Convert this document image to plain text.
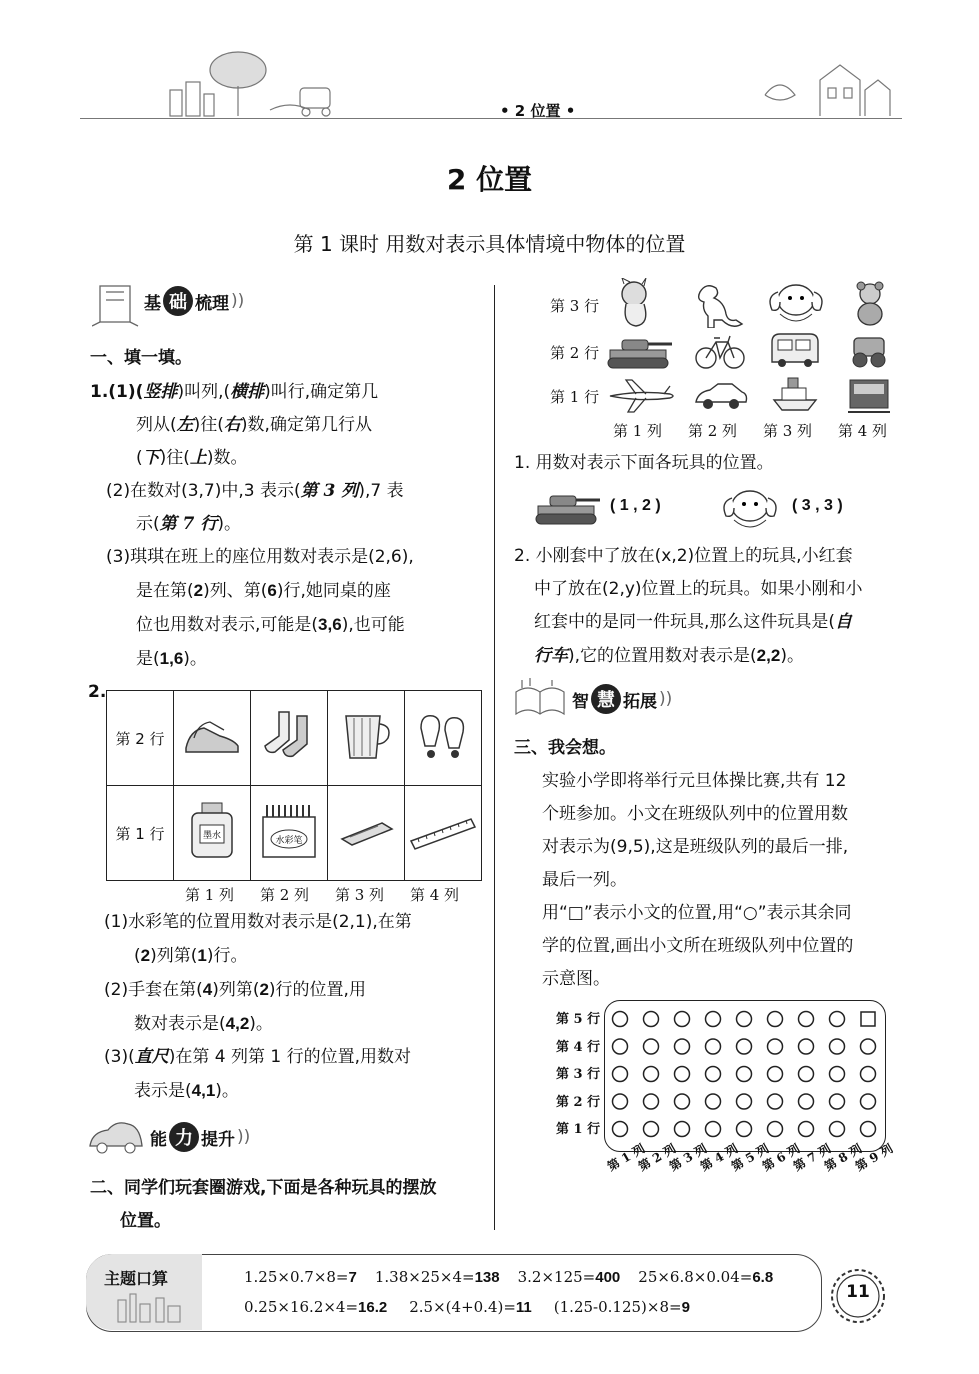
• 2 位置 •
2 位置
第 1 课时 用数对表示具体情境中物体的位置
基 础 梳理 ))
一、填一填。
1.(1)(竖排)叫列,(横排)叫行,确定第几
列从(左)往(右)数,确定第几行从
(下)往(上)数。
(2)在数对(3,7)中,3 表示(第 3 列),7 表
示(第 7 行)。
(3)琪琪在班上的座位用数对表示是(2,6),
是在第(2)列、第(6)行,她同桌的座
位也用数对表示,可能是(3,6),也可能
是(1,6)。
2.
第 2 行				
第 1 行	墨水	水彩笔

第 1 列	第 2 列	第 3 列	第 4 列
(1)水彩笔的位置用数对表示是(2,1),在第
(2)列第(1)行。
(2)手套在第(4)列第(2)行的位置,用
数对表示是(4,2)。
(3)(直尺)在第 4 列第 1 行的位置,用数对
表示是(4,1)。
能 力 提升 ))
二、同学们玩套圈游戏,下面是各种玩具的摆放
位置。
第 3 行
第 2 行
第 1 行
第 1 列	第 2 列	第 3 列	第 4 列
1. 用数对表示下面各玩具的位置。
( 1 , 2 )	( 3 , 3 )
2. 小刚套中了放在(x,2)位置上的玩具,小红套
中了放在(2,y)位置上的玩具。如果小刚和小
红套中的是同一件玩具,那么这件玩具是(自
行车),它的位置用数对表示是(2,2)。
智 慧 拓展 ))
三、我会想。
实验小学即将举行元旦体操比赛,共有 12
个班参加。小文在班级队列中的位置用数
对表示为(9,5),这是班级队列的最后一排,
最后一列。
用“□”表示小文的位置,用“○”表示其余同
学的位置,画出小文所在班级队列中位置的
示意图。
第 5 行
第 4 行
第 3 行
第 2 行
第 1 行
第 1 列
第 2 列
第 3 列
第 4 列
第 5 列
第 6 列
第 7 列
第 8 列
第 9 列
主题口算	1.25×0.7×8=7 1.38×25×4=138 3.2×125=400 25×6.8×0.04=6.8
0.25×16.2×4=16.2 2.5×(4+0.4)=11 (1.25-0.125)×8=9
11
